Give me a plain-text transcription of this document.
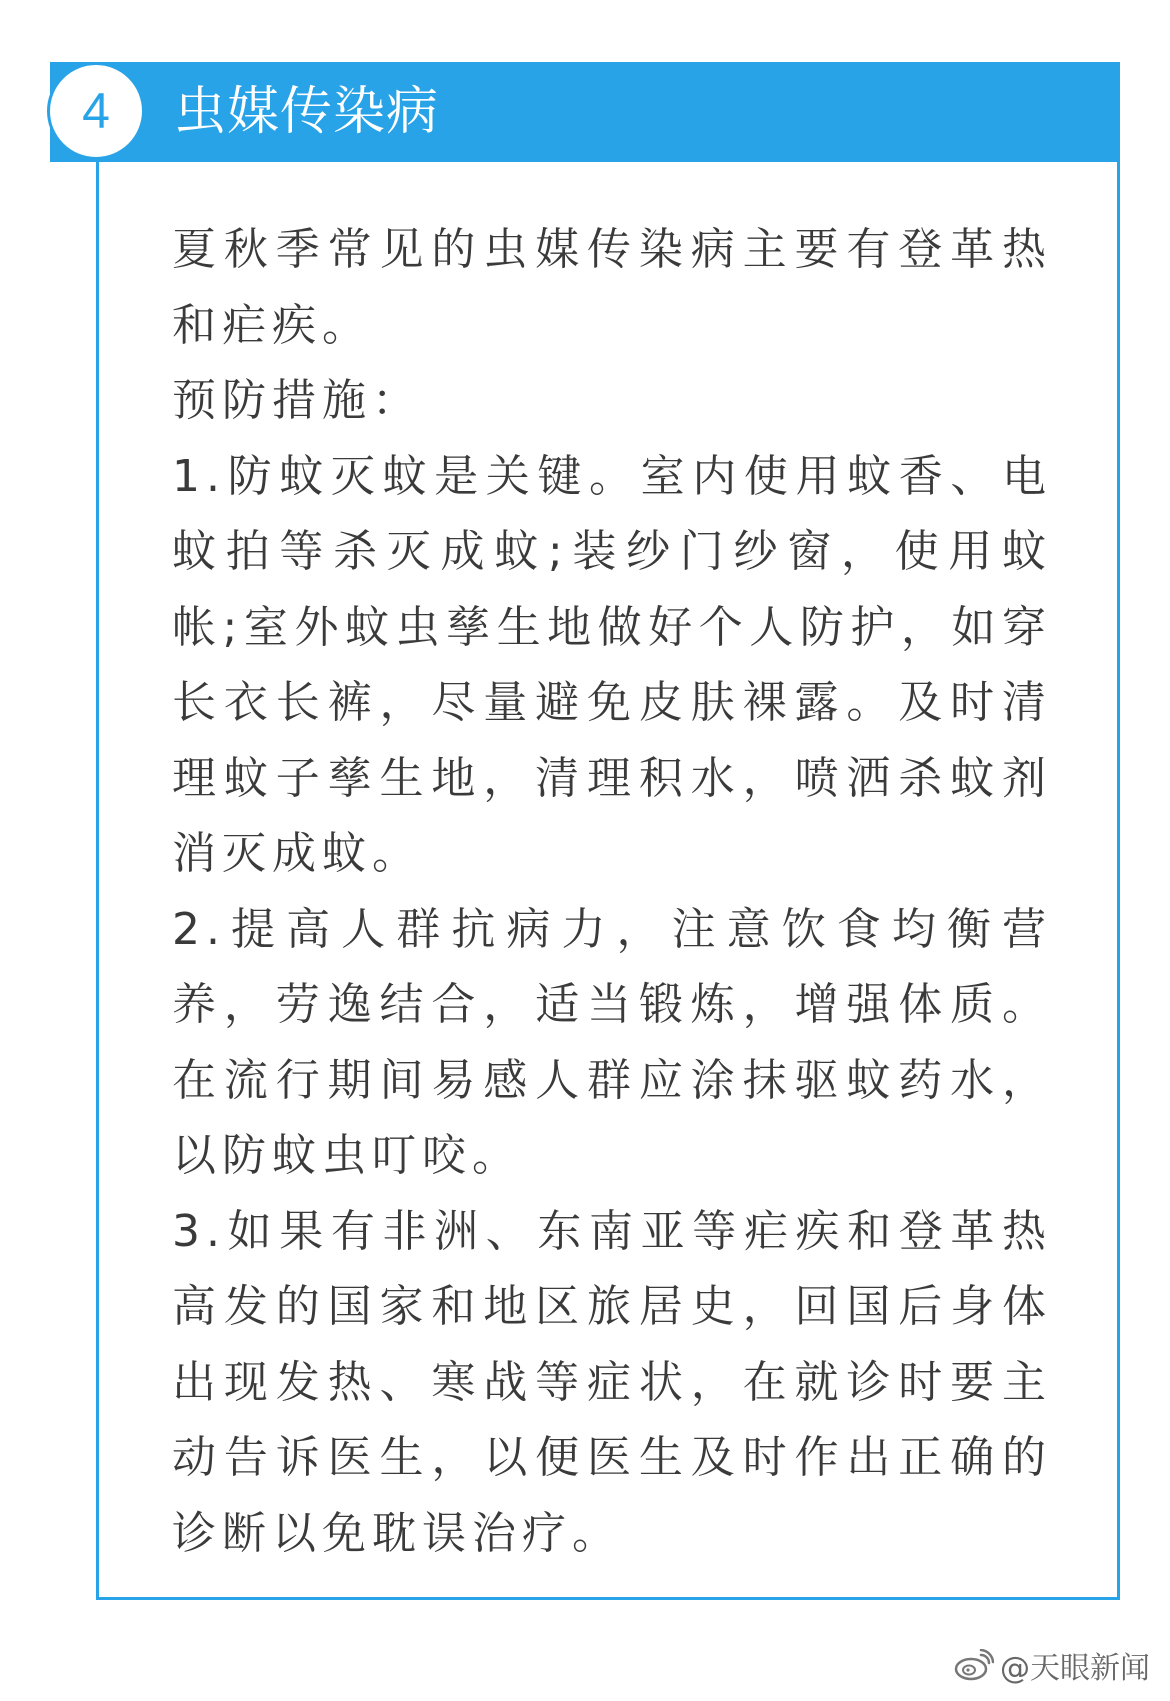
虫媒传染病
4

夏秋季常见的虫媒传染病主要有登革热和疟疾。

预防措施：

1.防蚊灭蚊是关键。室内使用蚊香、电蚊拍等杀灭成蚊;装纱门纱窗，使用蚊帐;室外蚊虫孳生地做好个人防护，如穿长衣长裤，尽量避免皮肤裸露。及时清理蚊子孳生地，清理积水，喷洒杀蚊剂消灭成蚊。

2.提高人群抗病力，注意饮食均衡营养，劳逸结合，适当锻炼，增强体质。在流行期间易感人群应涂抹驱蚊药水，以防蚊虫叮咬。

3.如果有非洲、东南亚等疟疾和登革热高发的国家和地区旅居史，回国后身体出现发热、寒战等症状，在就诊时要主动告诉医生，以便医生及时作出正确的诊断以免耽误治疗。

@天眼新闻
